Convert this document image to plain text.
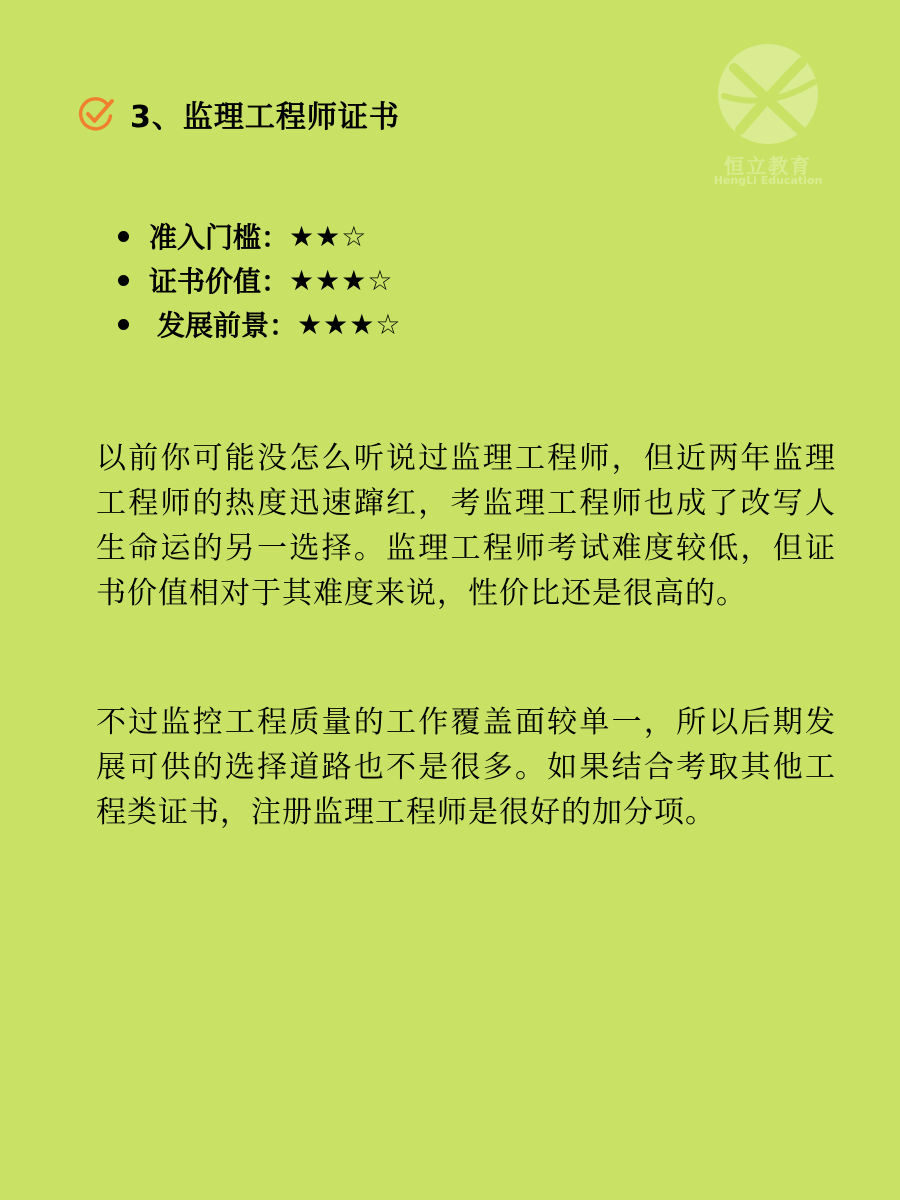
3、监理工程师证书
恒立教育
HengLi Education
准入门槛： ★★☆
证书价值： ★★★☆
发展前景： ★★★☆

以前你可能没怎么听说过监理工程师，但近两年监理工程师的热度迅速蹿红，考监理工程师也成了改写人生命运的另一选择。监理工程师考试难度较低，但证书价值相对于其难度来说，性价比还是很高的。

不过监控工程质量的工作覆盖面较单一，所以后期发展可供的选择道路也不是很多。如果结合考取其他工程类证书，注册监理工程师是很好的加分项。
